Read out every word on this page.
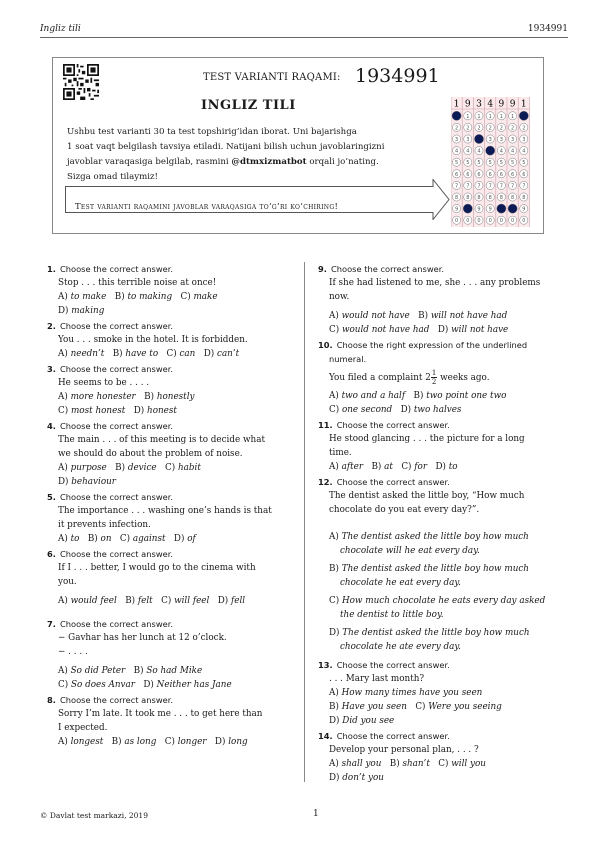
Ingliz tili	1934991
TEST VARIANTI RAQAMI: 1934991
INGLIZ TILI
Ushbu test varianti 30 ta test topshirig’idan iborat. Uni bajarishga
1 soat vaqt belgilash tavsiya etiladi. Natijani bilish uchun javoblaringizni
javoblar varaqasiga belgilab, rasmini @dtmxizmatbot orqali jo’nating.
Sizga omad tilaymiz!
Test varianti raqamini javoblar varaqasiga to’g’ri ko’chiring!
1
2
3
4
5
6
7
8
9
0
9
1
2
3
4
5
6
7
8
0
3
1
2
4
5
6
7
8
9
0
4
1
2
3
5
6
7
8
9
0
9
1
2
3
4
5
6
7
8
0
9
1
2
3
4
5
6
7
8
0
1
2
3
4
5
6
7
8
9
0
1. Choose the correct answer.
Stop . . . this terrible noise at once!
A) to make B) to making C) make
D) making
2. Choose the correct answer.
You . . . smoke in the hotel. It is forbidden.
A) needn’t B) have to C) can D) can’t
3. Choose the correct answer.
He seems to be . . . .
A) more honester B) honestly
C) most honest D) honest
4. Choose the correct answer.
The main . . . of this meeting is to decide what
we should do about the problem of noise.
A) purpose B) device C) habit
D) behaviour
5. Choose the correct answer.
The importance . . . washing one’s hands is that
it prevents infection.
A) to B) on C) against D) of
6. Choose the correct answer.
If I . . . better, I would go to the cinema with
you.
A) would feel B) felt C) will feel D) fell
7. Choose the correct answer.
− Gavhar has her lunch at 12 o’clock.
− . . . .
A) So did Peter B) So had Mike
C) So does Anvar D) Neither has Jane
8. Choose the correct answer.
Sorry I’m late. It took me . . . to get here than
I expected.
A) longest B) as long C) longer D) long
9. Choose the correct answer.
If she had listened to me, she . . . any problems
now.
A) would not have B) will not have had
C) would not have had D) will not have
10. Choose the right expression of the underlined
numeral.
You filed a complaint $2 \frac{1}{2}$ weeks ago.
A) two and a half B) two point one two
C) one second D) two halves
11. Choose the correct answer.
He stood glancing . . . the picture for a long
time.
A) after B) at C) for D) to
12. Choose the correct answer.
The dentist asked the little boy, “How much
chocolate do you eat every day?”.
A) The dentist asked the little boy how much
chocolate will he eat every day.
B) The dentist asked the little boy how much
chocolate he eat every day.
C) How much chocolate he eats every day asked
the dentist to little boy.
D) The dentist asked the little boy how much
chocolate he ate every day.
13. Choose the correct answer.
. . . Mary last month?
A) How many times have you seen
B) Have you seen C) Were you seeing
D) Did you see
14. Choose the correct answer.
Develop your personal plan, . . . ?
A) shall you B) shan’t C) will you
D) don’t you
© Davlat test markazi, 2019	1
